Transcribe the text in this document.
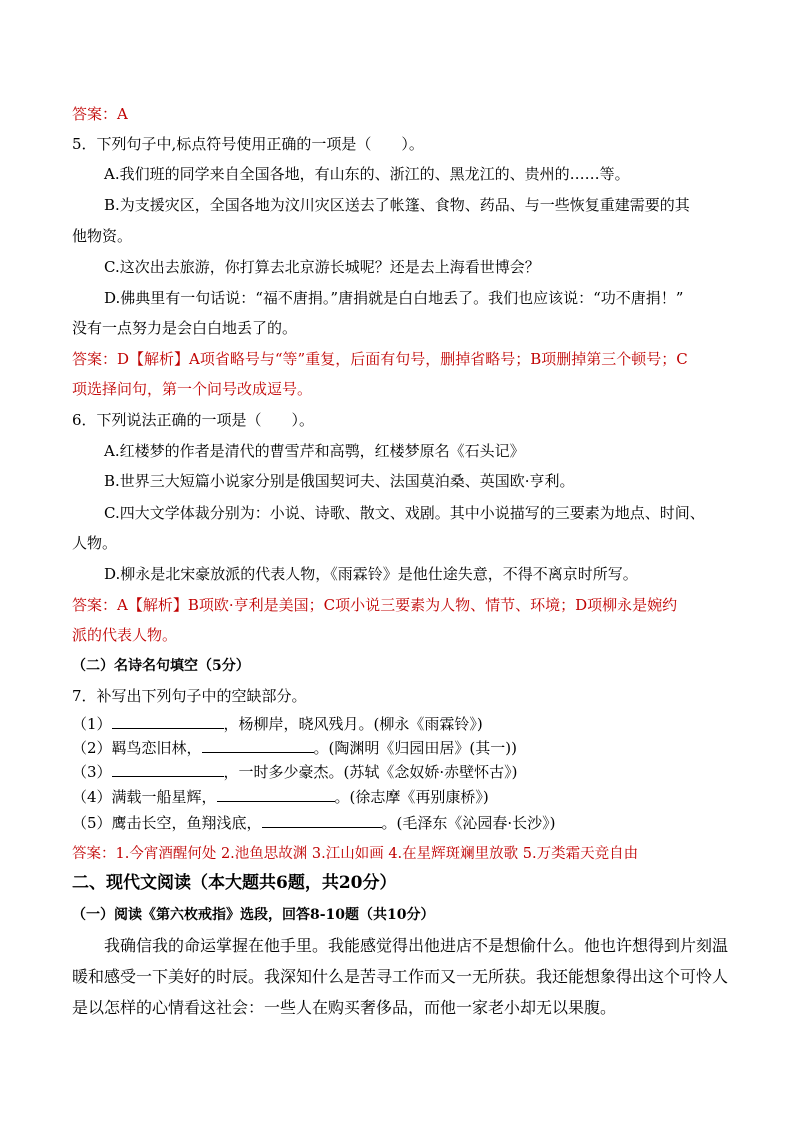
答案：A
5．下列句子中,标点符号使用正确的一项是（　　）。
A.我们班的同学来自全国各地，有山东的、浙江的、黑龙江的、贵州的……等。
B.为支援灾区，全国各地为汶川灾区送去了帐篷、食物、药品、与一些恢复重建需要的其
他物资。
C.这次出去旅游，你打算去北京游长城呢？还是去上海看世博会？
D.佛典里有一句话说：“福不唐捐。”唐捐就是白白地丢了。我们也应该说：“功不唐捐！”
没有一点努力是会白白地丢了的。
答案：D【解析】A项省略号与“等”重复，后面有句号，删掉省略号；B项删掉第三个顿号；C
项选择问句，第一个问号改成逗号。
6．下列说法正确的一项是（　　）。
A.红楼梦的作者是清代的曹雪芹和高鹗，红楼梦原名《石头记》
B.世界三大短篇小说家分别是俄国契诃夫、法国莫泊桑、英国欧·亨利。
C.四大文学体裁分别为：小说、诗歌、散文、戏剧。其中小说描写的三要素为地点、时间、
人物。
D.柳永是北宋豪放派的代表人物，《雨霖铃》是他仕途失意，不得不离京时所写。
答案：A【解析】B项欧·亨利是美国；C项小说三要素为人物、情节、环境；D项柳永是婉约
派的代表人物。
（二）名诗名句填空（5分）
7．补写出下列句子中的空缺部分。
（1）	，杨柳岸，晓风残月。(柳永《雨霖铃》)
（2）羁鸟恋旧林，	。(陶渊明《归园田居》(其一))
（3）	，一时多少豪杰。(苏轼《念奴娇·赤壁怀古》)
（4）满载一船星辉，	。(徐志摩《再别康桥》)
（5）鹰击长空，鱼翔浅底，	。(毛泽东《沁园春·长沙》)
答案：1.今宵酒醒何处 2.池鱼思故渊 3.江山如画 4.在星辉斑斓里放歌 5.万类霜天竞自由
二、现代文阅读（本大题共6题，共20分）
（一）阅读《第六枚戒指》选段，回答8-10题（共10分）
我确信我的命运掌握在他手里。我能感觉得出他进店不是想偷什么。他也许想得到片刻温
暖和感受一下美好的时辰。我深知什么是苦寻工作而又一无所获。我还能想象得出这个可怜人
是以怎样的心情看这社会：一些人在购买奢侈品，而他一家老小却无以果腹。
